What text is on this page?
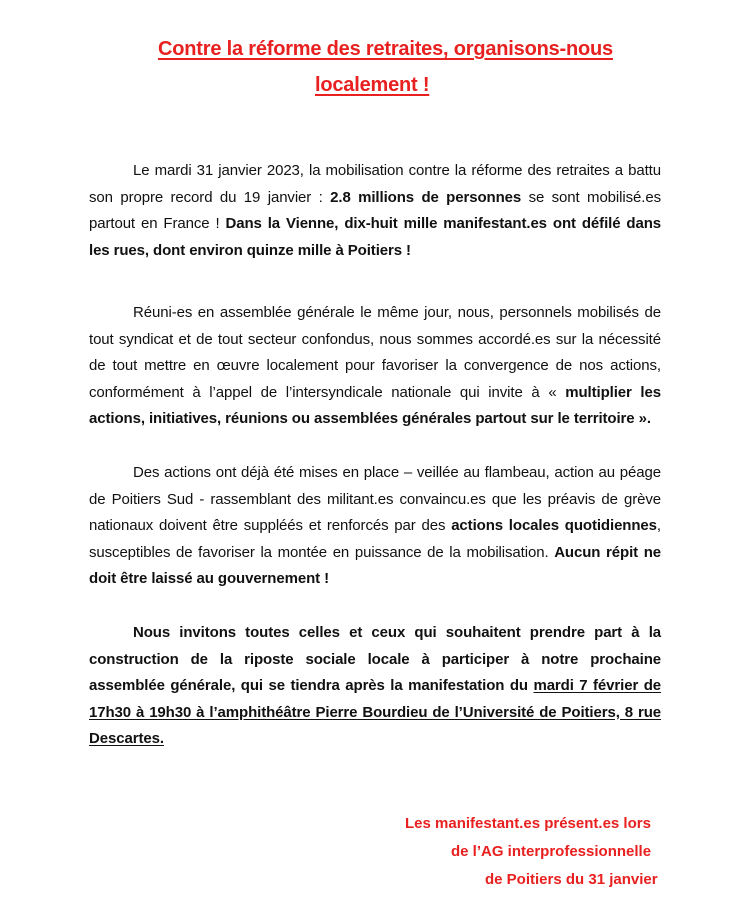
Contre la réforme des retraites, organisons-nous
localement !

Le mardi 31 janvier 2023, la mobilisation contre la réforme des retraites a battu son propre record du 19 janvier : 2.8 millions de personnes se sont mobilisé.es partout en France ! Dans la Vienne, dix-huit mille manifestant.es ont défilé dans les rues, dont environ quinze mille à Poitiers !

Réuni-es en assemblée générale le même jour, nous, personnels mobilisés de tout syndicat et de tout secteur confondus, nous sommes accordé.es sur la nécessité de tout mettre en œuvre localement pour favoriser la convergence de nos actions, conformément à l’appel de l’intersyndicale nationale qui invite à « multiplier les actions, initiatives, réunions ou assemblées générales partout sur le territoire ».

Des actions ont déjà été mises en place – veillée au flambeau, action au péage de Poitiers Sud - rassemblant des militant.es convaincu.es que les préavis de grève nationaux doivent être suppléés et renforcés par des actions locales quotidiennes, susceptibles de favoriser la montée en puissance de la mobilisation. Aucun répit ne doit être laissé au gouvernement !

Nous invitons toutes celles et ceux qui souhaitent prendre part à la construction de la riposte sociale locale à participer à notre prochaine assemblée générale, qui se tiendra après la manifestation du mardi 7 février de 17h30 à 19h30 à l’amphithéâtre Pierre Bourdieu de l’Université de Poitiers, 8 rue Descartes.

Les manifestant.es présent.es lors
de l’AG interprofessionnelle
de Poitiers du 31 janvier
